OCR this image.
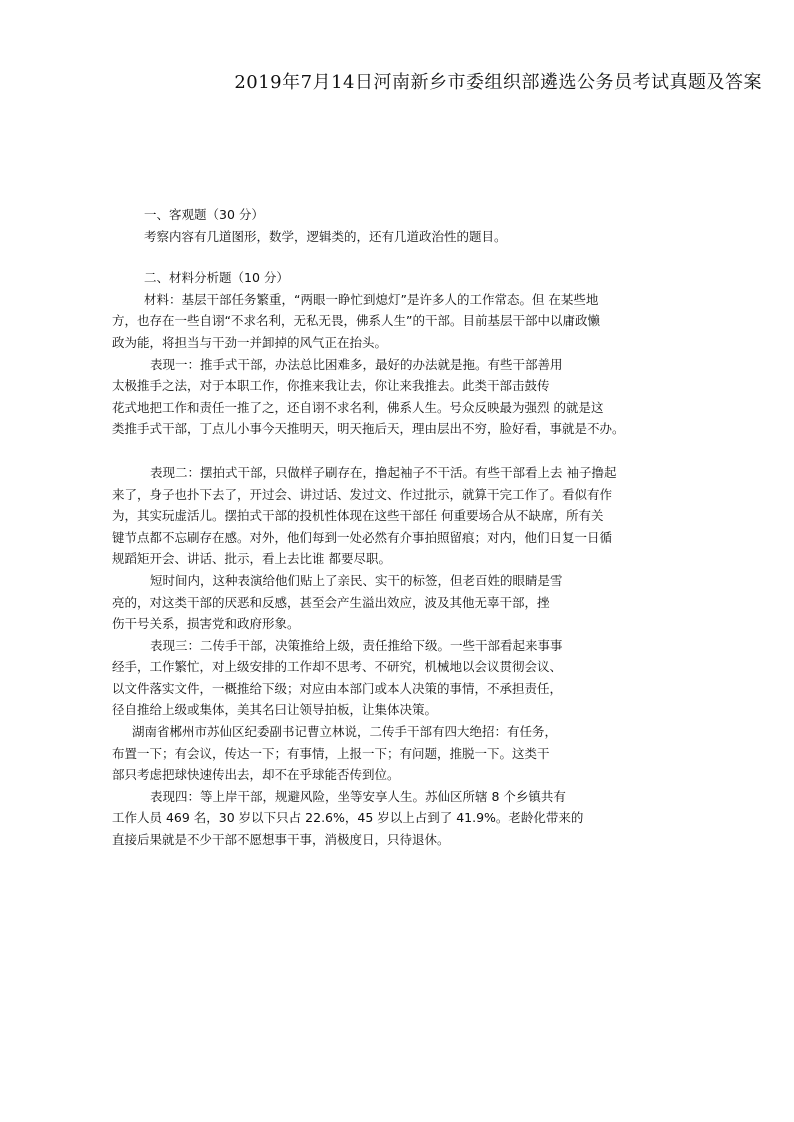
2019年7月14日河南新乡市委组织部遴选公务员考试真题及答案
一、客观题（30 分）
考察内容有几道图形，数学，逻辑类的，还有几道政治性的题目。
二、材料分析题（10 分）
材料：基层干部任务繁重，“两眼一睁忙到熄灯”是许多人的工作常态。但 在某些地
方，也存在一些自诩“不求名利，无私无畏，佛系人生”的干部。目前基层干部中以庸政懒
政为能，将担当与干劲一并卸掉的风气正在抬头。
表现一：推手式干部，办法总比困难多，最好的办法就是拖。有些干部善用
太极推手之法，对于本职工作，你推来我让去，你让来我推去。此类干部击鼓传
花式地把工作和责任一推了之，还自诩不求名利，佛系人生。号众反映最为强烈 的就是这
类推手式干部，丁点儿小事今天推明天，明天拖后天，理由层出不穷，脸好看，事就是不办。
表现二：摆拍式干部，只做样子刷存在，撸起袖子不干活。有些干部看上去 袖子撸起
来了，身子也扑下去了，开过会、讲过话、发过文、作过批示，就算干完工作了。看似有作
为，其实玩虚活儿。摆拍式干部的投机性体现在这些干部任 何重要场合从不缺席，所有关
键节点都不忘刷存在感。对外，他们每到一处必然有介事拍照留痕；对内，他们日复一日循
规蹈矩开会、讲话、批示，看上去比谁 都要尽职。
短时间内，这种表演给他们贴上了亲民、实干的标签，但老百姓的眼睛是雪
亮的，对这类干部的厌恶和反感，甚至会产生溢出效应，波及其他无辜干部，挫
伤干号关系，损害党和政府形象。
表现三：二传手干部，决策推给上级，责任推给下级。一些干部看起来事事
经手，工作繁忙，对上级安排的工作却不思考、不研究，机械地以会议贯彻会议、
以文件落实文件，一概推给下级；对应由本部门或本人决策的事情，不承担责任，
径自推给上级或集体，美其名曰让领导拍板，让集体决策。
湖南省郴州市苏仙区纪委副书记曹立林说，二传手干部有四大绝招：有任务，
布置一下；有会议，传达一下；有事情，上报一下；有问题，推脱一下。这类干
部只考虑把球快速传出去，却不在乎球能否传到位。
表现四：等上岸干部，规避风险，坐等安享人生。苏仙区所辖 8 个乡镇共有
工作人员 469 名，30 岁以下只占 22.6%，45 岁以上占到了 41.9%。老龄化带来的
直接后果就是不少干部不愿想事干事，消极度日，只待退休。
